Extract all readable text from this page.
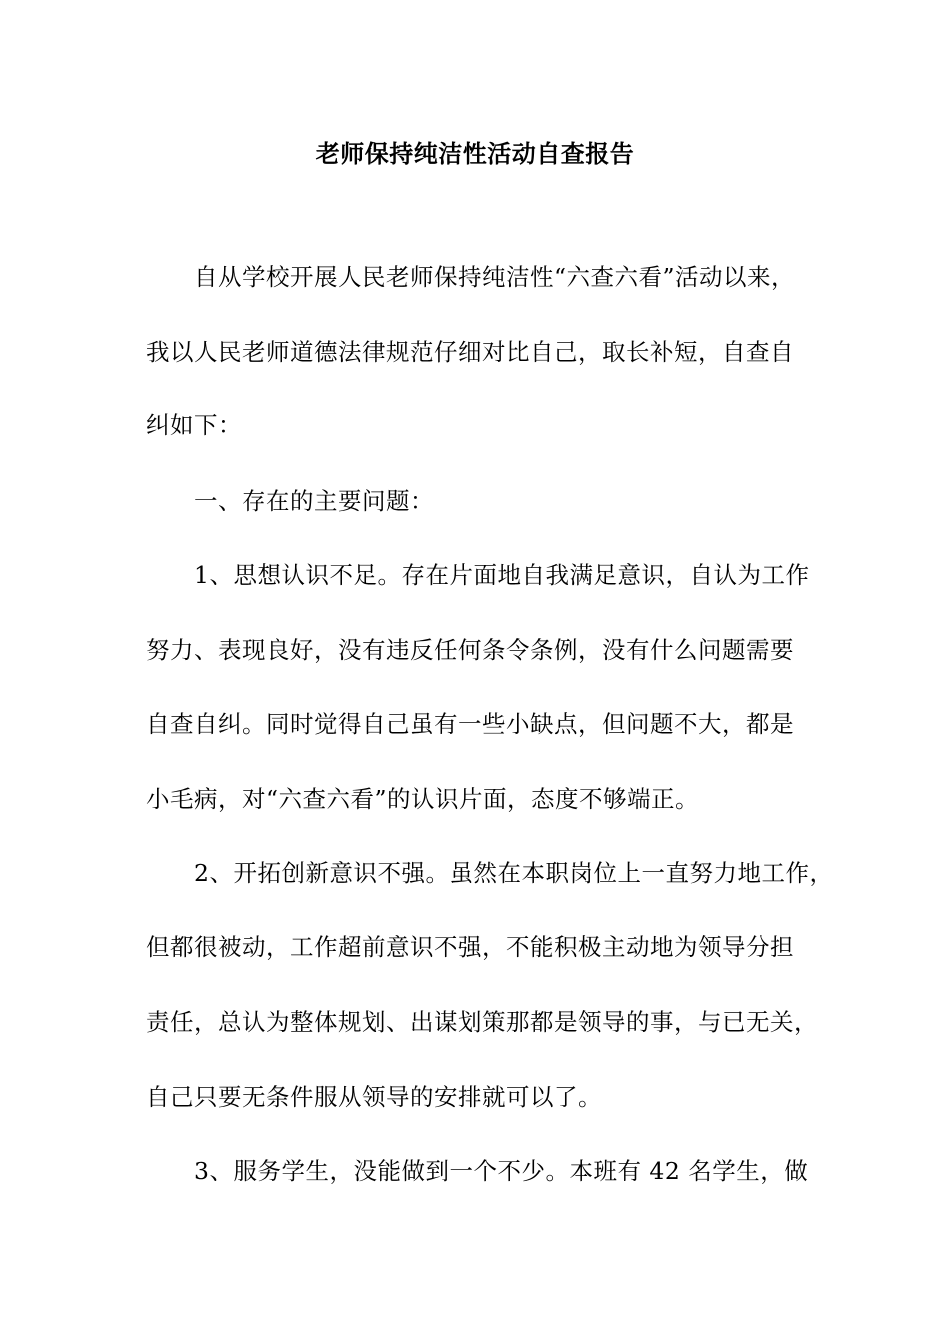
老师保持纯洁性活动自查报告
自从学校开展人民老师保持纯洁性“六查六看”活动以来，
我以人民老师道德法律规范仔细对比自己，取长补短，自查自
纠如下：
一、存在的主要问题：
1、思想认识不足。存在片面地自我满足意识，自认为工作
努力、表现良好，没有违反任何条令条例，没有什么问题需要
自查自纠。同时觉得自己虽有一些小缺点，但问题不大，都是
小毛病，对“六查六看”的认识片面，态度不够端正。
2、开拓创新意识不强。虽然在本职岗位上一直努力地工作，
但都很被动，工作超前意识不强，不能积极主动地为领导分担
责任，总认为整体规划、出谋划策那都是领导的事，与已无关，
自己只要无条件服从领导的安排就可以了。
3、服务学生，没能做到一个不少。本班有 42 名学生，做
